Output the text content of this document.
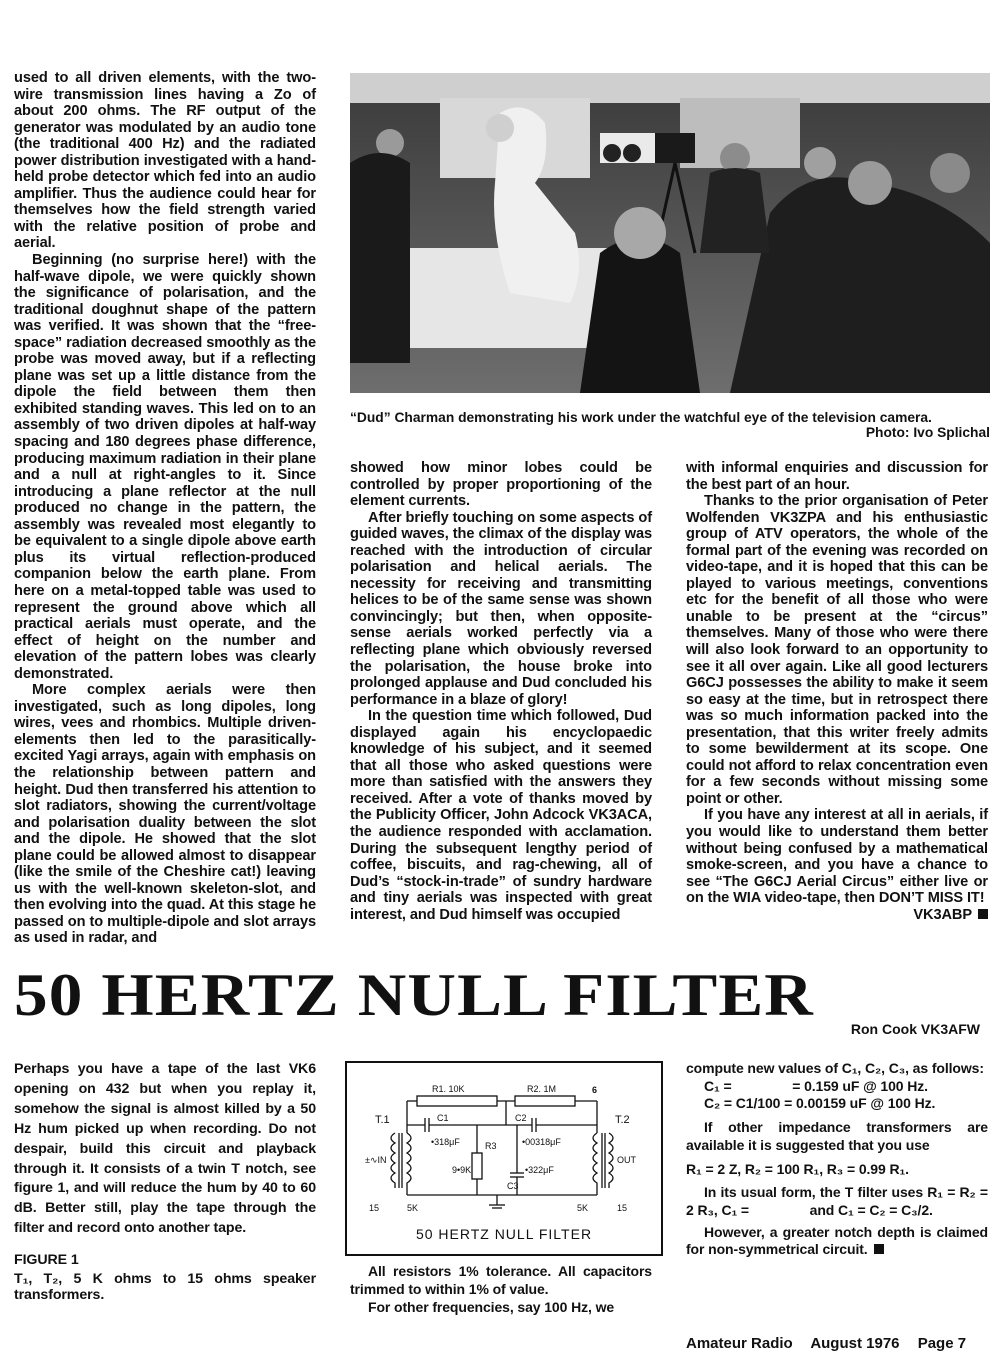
used to all driven elements, with the two-wire transmission lines having a Zo of about 200 ohms. The RF output of the generator was modulated by an audio tone (the traditional 400 Hz) and the radiated power distribution investigated with a hand-held probe detector which fed into an audio amplifier. Thus the audience could hear for themselves how the field strength varied with the relative position of probe and aerial.

Beginning (no surprise here!) with the half-wave dipole, we were quickly shown the significance of polarisation, and the traditional doughnut shape of the pattern was verified. It was shown that the “free-space” radiation decreased smoothly as the probe was moved away, but if a reflecting plane was set up a little distance from the dipole the field between them then exhibited standing waves. This led on to an assembly of two driven dipoles at half-way spacing and 180 degrees phase difference, producing maximum radiation in their plane and a null at right-angles to it. Since introducing a plane reflector at the null produced no change in the pattern, the assembly was revealed most elegantly to be equivalent to a single dipole above earth plus its virtual reflection-produced companion below the earth plane. From here on a metal-topped table was used to represent the ground above which all practical aerials must operate, and the effect of height on the number and elevation of the pattern lobes was clearly demonstrated.

More complex aerials were then investigated, such as long dipoles, long wires, vees and rhombics. Multiple driven-elements then led to the parasitically-excited Yagi arrays, again with emphasis on the relationship between pattern and height. Dud then transferred his attention to slot radiators, showing the current/voltage and polarisation duality between the slot and the dipole. He showed that the slot plane could be allowed almost to disappear (like the smile of the Cheshire cat!) leaving us with the well-known skeleton-slot, and then evolving into the quad. At this stage he passed on to multiple-dipole and slot arrays as used in radar, and

“Dud” Charman demonstrating his work under the watchful eye of the television camera.
Photo: Ivo Splichal

showed how minor lobes could be controlled by proper proportioning of the element currents.

After briefly touching on some aspects of guided waves, the climax of the display was reached with the introduction of circular polarisation and helical aerials. The necessity for receiving and transmitting helices to be of the same sense was shown convincingly; but then, when opposite-sense aerials worked perfectly via a reflecting plane which obviously reversed the polarisation, the house broke into prolonged applause and Dud concluded his performance in a blaze of glory!

In the question time which followed, Dud displayed again his encyclopaedic knowledge of his subject, and it seemed that all those who asked questions were more than satisfied with the answers they received. After a vote of thanks moved by the Publicity Officer, John Adcock VK3ACA, the audience responded with acclamation. During the subsequent lengthy period of coffee, biscuits, and rag-chewing, all of Dud’s “stock-in-trade” of sundry hardware and tiny aerials was inspected with great interest, and Dud himself was occupied

with informal enquiries and discussion for the best part of an hour.

Thanks to the prior organisation of Peter Wolfenden VK3ZPA and his enthusiastic group of ATV operators, the whole of the formal part of the evening was recorded on video-tape, and it is hoped that this can be played to various meetings, conventions etc for the benefit of all those who were unable to be present at the “circus” themselves. Many of those who were there will also look forward to an opportunity to see it all over again. Like all good lecturers G6CJ possesses the ability to make it seem so easy at the time, but in retrospect there was so much information packed into the presentation, that this writer freely admits to some bewilderment at its scope. One could not afford to relax concentration even for a few seconds without missing some point or other.

If you have any interest at all in aerials, if you would like to understand them better without being confused by a mathematical smoke-screen, and you have a chance to see “The G6CJ Aerial Circus” either live or on the WIA video-tape, then DON’T MISS IT!
VK3ABP

50 HERTZ NULL FILTER
Ron Cook VK3AFW

Perhaps you have a tape of the last VK6 opening on 432 but when you replay it, somehow the signal is almost killed by a 50 Hz hum picked up when recording. Do not despair, build this circuit and playback through it. It consists of a twin T notch, see figure 1, and will reduce the hum by 40 to 60 dB. Better still, play the tape through the filter and record onto another tape.

FIGURE 1

T₁, T₂, 5 K ohms to 15 ohms speaker transformers.

R1. 10K	R2. 1M	6
T.1	T.2
C1	C2
•318μF	•00318μF
R3
9•9K
C3
•322μF
±∿IN	OUT
15	5K	5K	15
50 HERTZ NULL FILTER

All resistors 1% tolerance. All capacitors trimmed to within 1% of value.

For other frequencies, say 100 Hz, we

compute new values of C₁, C₂, C₃, as follows:

C₁ =                = 0.159 uF @ 100 Hz.

C₂ = C1/100 = 0.00159 uF @ 100 Hz.

If other impedance transformers are available it is suggested that you use

R₁ = 2 Z, R₂ = 100 R₁, R₃ = 0.99 R₁.

In its usual form, the T filter uses R₁ = R₂ = 2 R₃, C₁ =                and C₁ = C₂ = C₃/2.

However, a greater notch depth is claimed for non-symmetrical circuit.

Amateur Radio August 1976 Page 7
